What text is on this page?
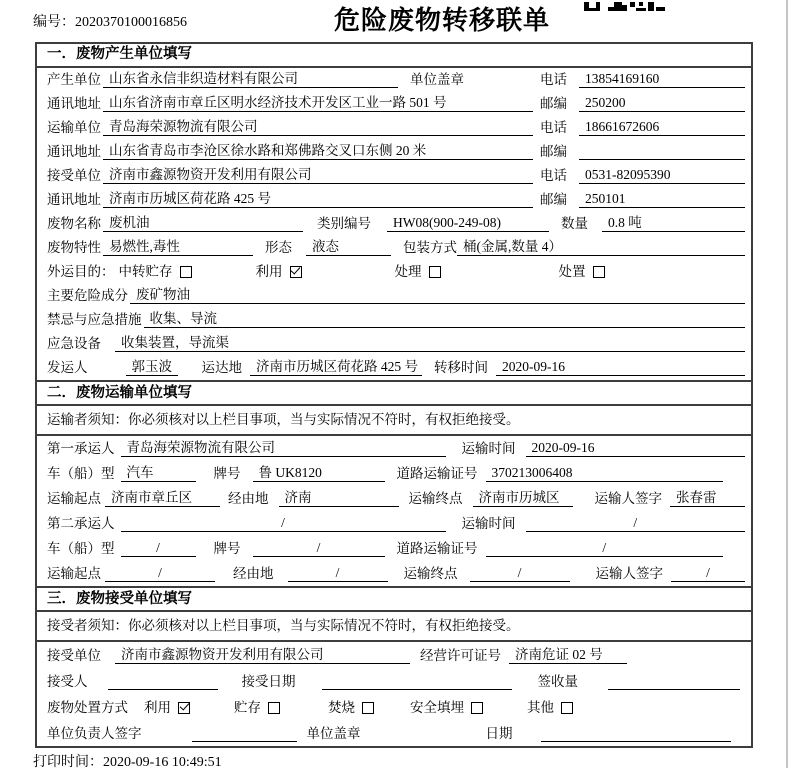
编号：2020370100016856	危险废物转移联单
一．废物产生单位填写
产生单位 山东省永信非织造材料有限公司	单位盖章	电话	13854169160
通讯地址 山东省济南市章丘区明水经济技术开发区工业一路 501 号	邮编	250200
运输单位 青岛海荣源物流有限公司	电话	18661672606
通讯地址 山东省青岛市李沧区徐水路和郑佛路交叉口东侧 20 米	邮编
接受单位 济南市鑫源物资开发利用有限公司	电话	0531-82095390
通讯地址 济南市历城区荷花路 425 号	邮编	250101
废物名称 废机油	类别编号	HW08(900-249-08)	数量	0.8 吨
废物特性 易燃性,毒性	形态	液态	包装方式 桶(金属,数量 4）
外运目的： 中转贮存	利用	处理	处置
主要危险成分 废矿物油
禁忌与应急措施 收集、导流
应急设备	收集装置，导流渠
发运人	郭玉波	运达地	济南市历城区荷花路 425 号 转移时间	2020-09-16
二．废物运输单位填写
运输者须知：你必须核对以上栏目事项，当与实际情况不符时，有权拒绝接受。
第一承运人 青岛海荣源物流有限公司	运输时间	2020-09-16
车（船）型 汽车	牌号	鲁 UK8120	道路运输证号	370213006408
运输起点 济南市章丘区	经由地	济南	运输终点	济南市历城区	运输人签字	张春雷
第二承运人	/	运输时间	/
车（船）型	/	牌号	/	道路运输证号	/
运输起点	/	经由地	/	运输终点	/	运输人签字	/
三．废物接受单位填写
接受者须知：你必须核对以上栏目事项，当与实际情况不符时，有权拒绝接受。
接受单位	济南市鑫源物资开发利用有限公司	经营许可证号	济南危证 02 号
接受人	接受日期	签收量
废物处置方式 利用	贮存	焚烧	安全填埋	其他
单位负责人签字	单位盖章	日期
打印时间：2020-09-16 10:49:51
